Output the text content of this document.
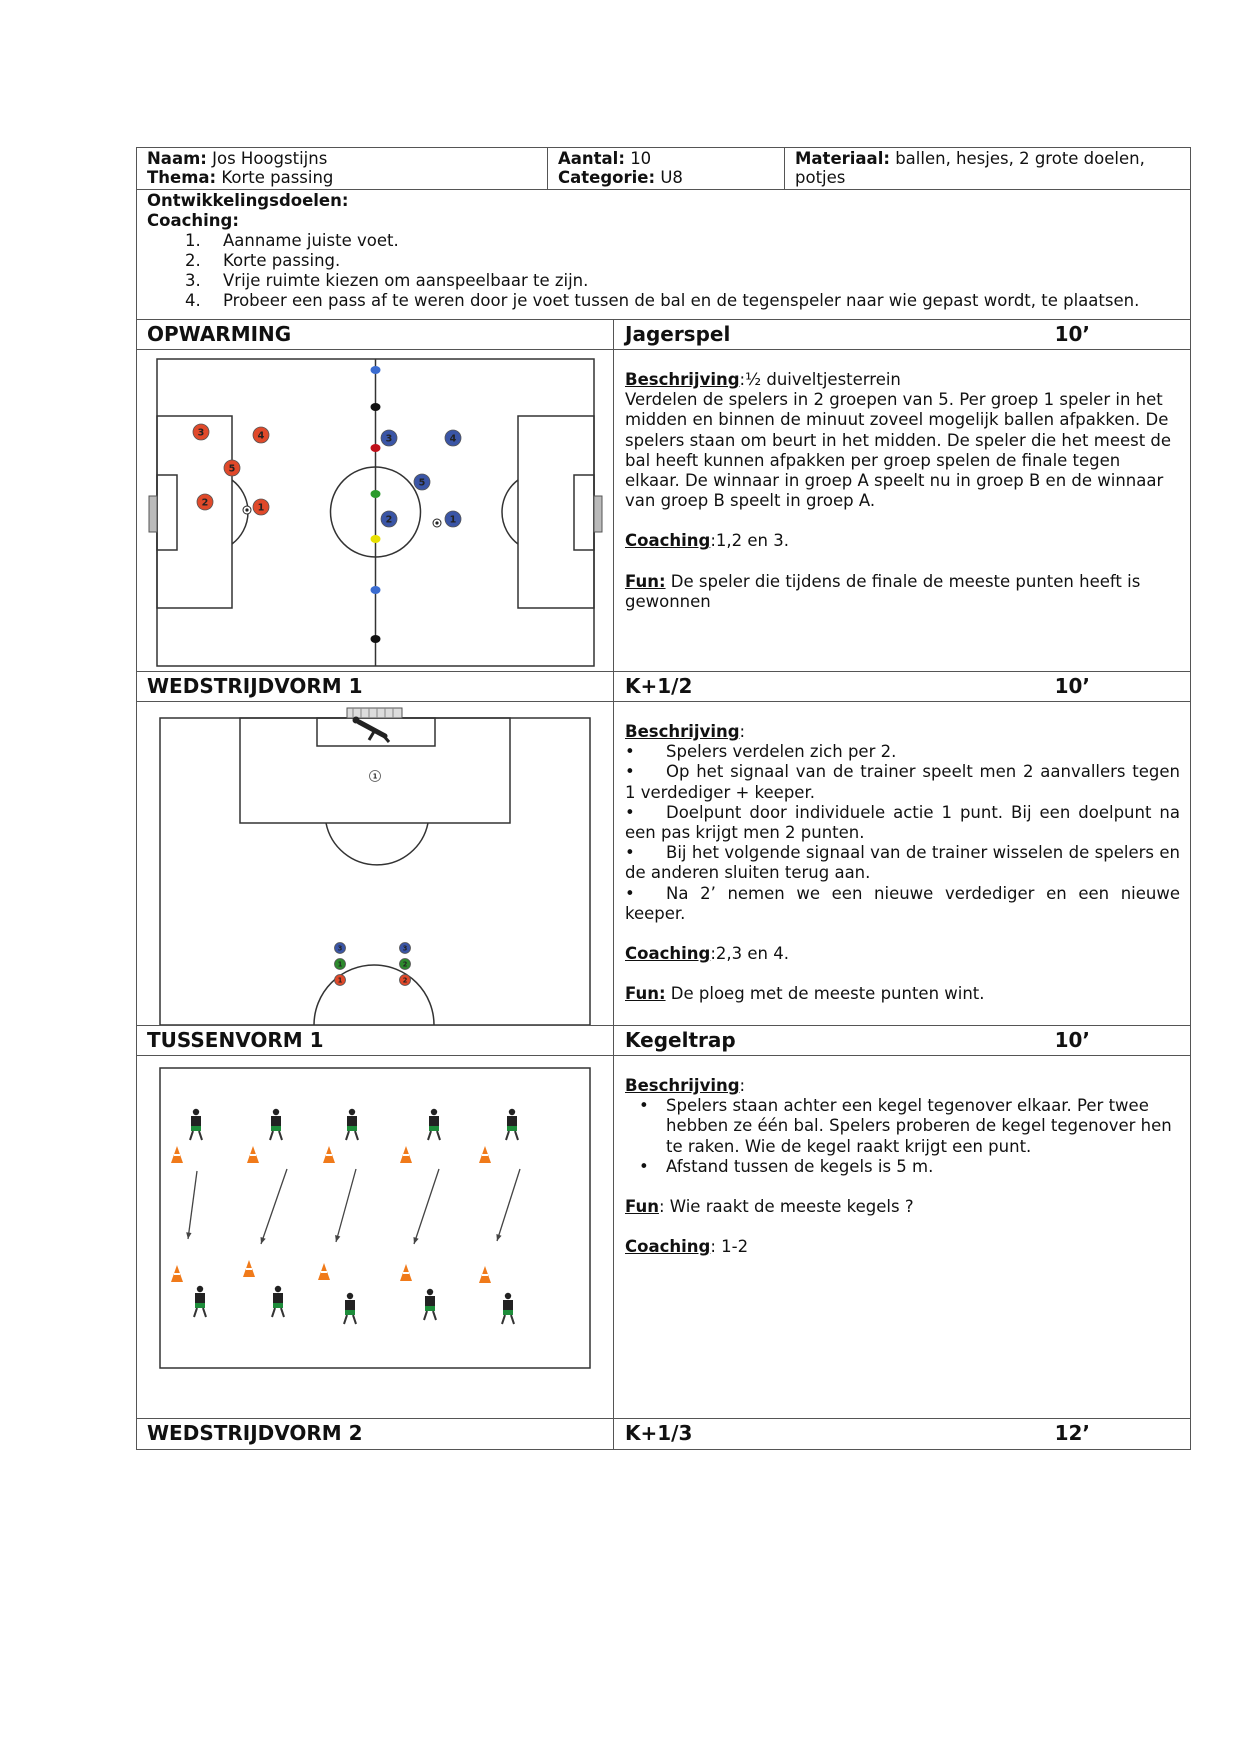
Naam: Jos Hoogstijns
Thema: Korte passing
Aantal: 10
Categorie: U8
Materiaal: ballen, hesjes, 2 grote doelen,
potjes
Ontwikkelingsdoelen:
Coaching:
1.	Aanname juiste voet.
2.	Korte passing.
3.	Vrije ruimte kiezen om aanspeelbaar te zijn.
4.	Probeer een pass af te weren door je voet tussen de bal en de tegenspeler naar wie gepast wordt, te plaatsen.
OPWARMING	Jagerspel	10’
3	4
5
2	1
3	4
5
2	1
Beschrijving:½ duiveltjesterrein
Verdelen de spelers in 2 groepen van 5. Per groep 1 speler in het midden en binnen de minuut zoveel mogelijk ballen afpakken. De spelers staan om beurt in het midden. De speler die het meest de bal heeft kunnen afpakken per groep spelen de finale tegen elkaar. De winnaar in groep A speelt nu in groep B en de winnaar van groep B speelt in groep A.
Coaching:1,2 en 3.
Fun: De speler die tijdens de finale de meeste punten heeft is gewonnen
WEDSTRIJDVORM 1	K+1/2	10’
1
3
1
1
3
2
2
Beschrijving:
• Spelers verdelen zich per 2.
• Op het signaal van de trainer speelt men 2 aanvallers tegen 1 verdediger + keeper.
• Doelpunt door individuele actie 1 punt. Bij een doelpunt na een pas krijgt men 2 punten.
• Bij het volgende signaal van de trainer wisselen de spelers en de anderen sluiten terug aan.
• Na 2’ nemen we een nieuwe verdediger en een nieuwe keeper.
Coaching:2,3 en 4.
Fun: De ploeg met de meeste punten wint.
TUSSENVORM 1	Kegeltrap	10’
Beschrijving:
• Spelers staan achter een kegel tegenover elkaar. Per twee hebben ze één bal. Spelers proberen de kegel tegenover hen te raken. Wie de kegel raakt krijgt een punt.
• Afstand tussen de kegels is 5 m.
Fun: Wie raakt de meeste kegels ?
Coaching: 1-2
WEDSTRIJDVORM 2	K+1/3	12’
